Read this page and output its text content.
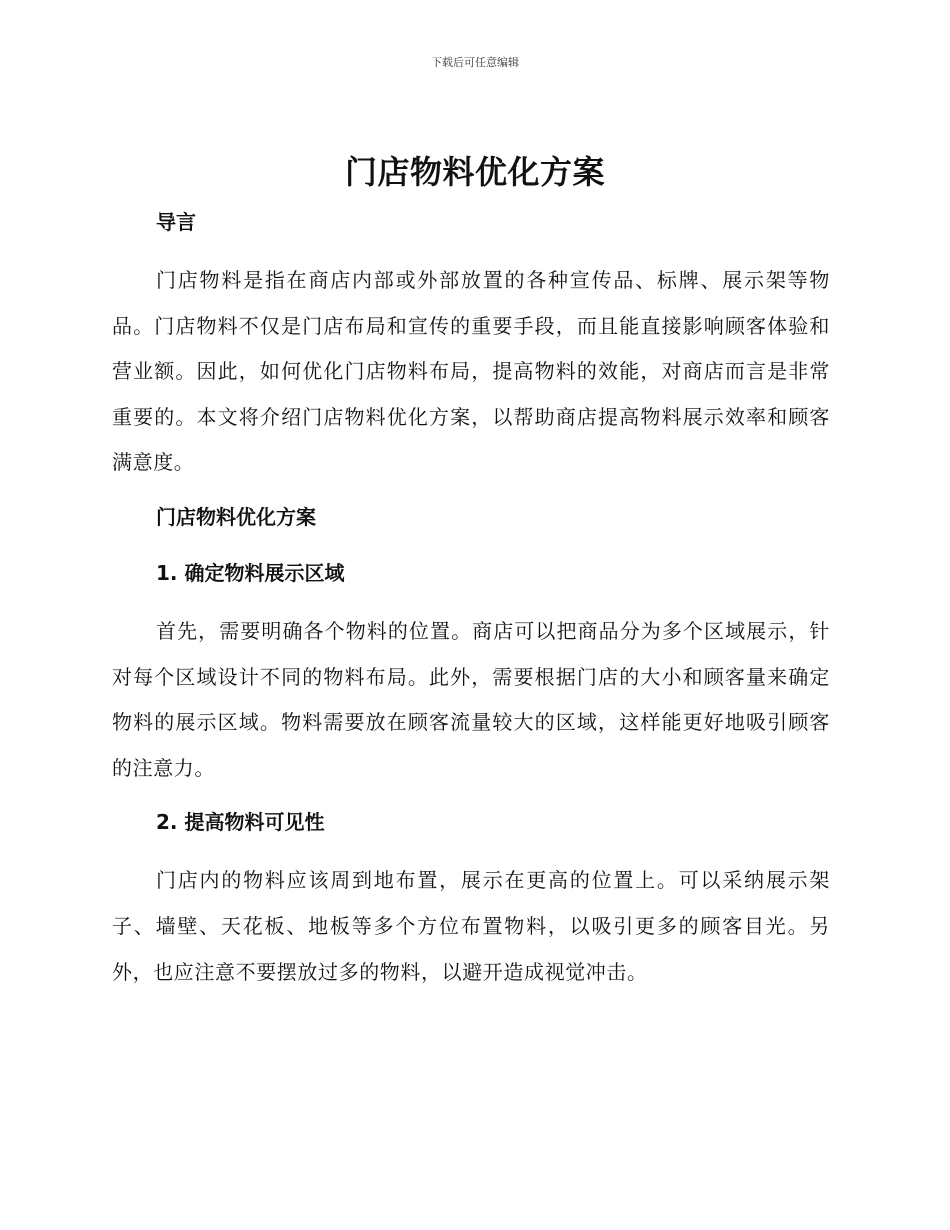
下载后可任意编辑
门店物料优化方案

导言

门店物料是指在商店内部或外部放置的各种宣传品、标牌、展示架等物品。门店物料不仅是门店布局和宣传的重要手段，而且能直接影响顾客体验和营业额。因此，如何优化门店物料布局，提高物料的效能，对商店而言是非常重要的。本文将介绍门店物料优化方案，以帮助商店提高物料展示效率和顾客满意度。

门店物料优化方案

1. 确定物料展示区域

首先，需要明确各个物料的位置。商店可以把商品分为多个区域展示，针对每个区域设计不同的物料布局。此外，需要根据门店的大小和顾客量来确定物料的展示区域。物料需要放在顾客流量较大的区域，这样能更好地吸引顾客的注意力。

2. 提高物料可见性

门店内的物料应该周到地布置，展示在更高的位置上。可以采纳展示架子、墙壁、天花板、地板等多个方位布置物料，以吸引更多的顾客目光。另外，也应注意不要摆放过多的物料，以避开造成视觉冲击。
